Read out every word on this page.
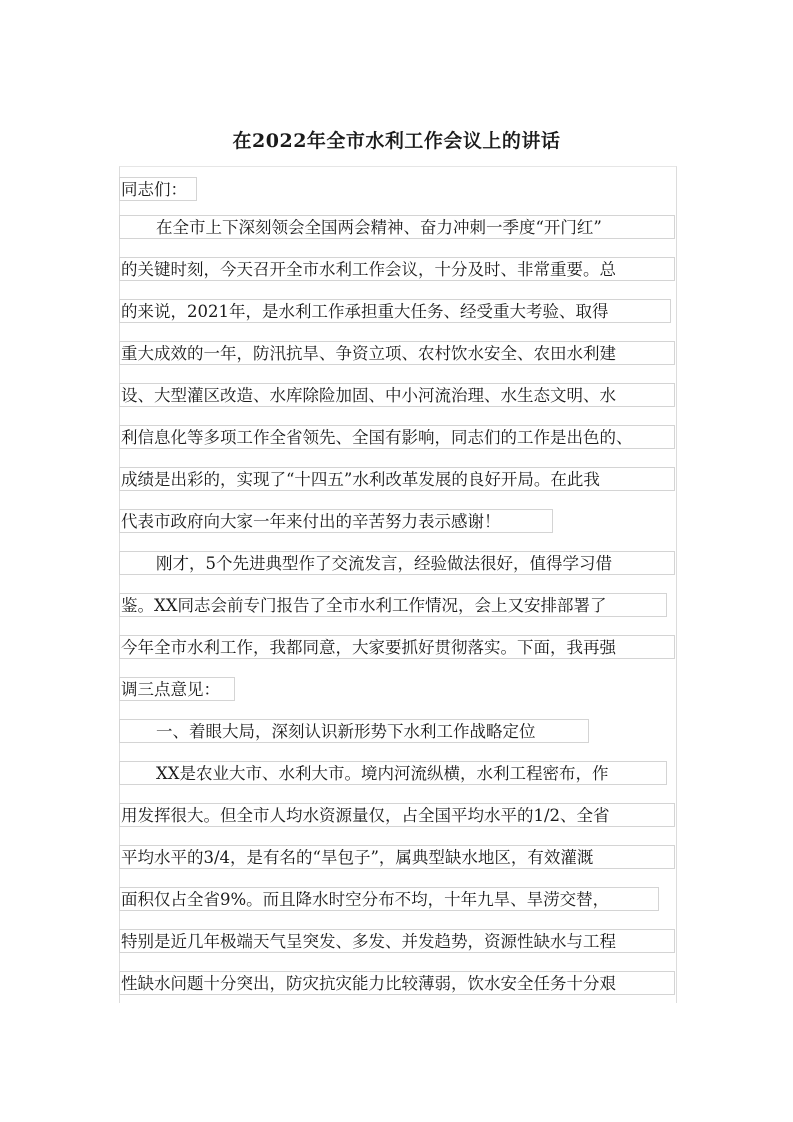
在2022年全市水利工作会议上的讲话
同志们：
在全市上下深刻领会全国两会精神、奋力冲刺一季度“开门红”
的关键时刻，今天召开全市水利工作会议，十分及时、非常重要。总
的来说，2021年，是水利工作承担重大任务、经受重大考验、取得
重大成效的一年，防汛抗旱、争资立项、农村饮水安全、农田水利建
设、大型灌区改造、水库除险加固、中小河流治理、水生态文明、水
利信息化等多项工作全省领先、全国有影响，同志们的工作是出色的、
成绩是出彩的，实现了“十四五”水利改革发展的良好开局。在此我
代表市政府向大家一年来付出的辛苦努力表示感谢！
刚才，5个先进典型作了交流发言，经验做法很好，值得学习借
鉴。XX同志会前专门报告了全市水利工作情况，会上又安排部署了
今年全市水利工作，我都同意，大家要抓好贯彻落实。下面，我再强
调三点意见：
一、着眼大局，深刻认识新形势下水利工作战略定位
XX是农业大市、水利大市。境内河流纵横，水利工程密布，作
用发挥很大。但全市人均水资源量仅，占全国平均水平的1/2、全省
平均水平的3/4，是有名的“旱包子”，属典型缺水地区，有效灌溉
面积仅占全省9%。而且降水时空分布不均，十年九旱、旱涝交替，
特别是近几年极端天气呈突发、多发、并发趋势，资源性缺水与工程
性缺水问题十分突出，防灾抗灾能力比较薄弱，饮水安全任务十分艰
